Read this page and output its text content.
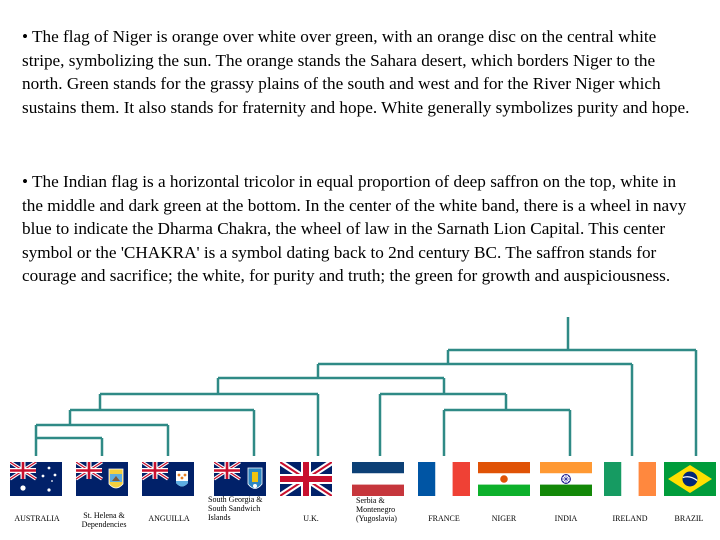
• The flag of Niger is orange over white over green, with an orange disc on the central white stripe, symbolizing the sun. The orange stands the Sahara desert, which borders Niger to the north. Green stands for the grassy plains of the south and west and for the River Niger which sustains them. It also stands for fraternity and hope. White generally symbolizes purity and hope.

• The Indian flag is a horizontal tricolor in equal proportion of deep saffron on the top, white in the middle and dark green at the bottom. In the center of the white band, there is a wheel in navy blue to indicate the Dharma Chakra, the wheel of law in the Sarnath Lion Capital. This center symbol or the 'CHAKRA' is a symbol dating back to 2nd century BC. The saffron stands for courage and sacrifice; the white, for purity and truth; the green for growth and auspiciousness.

AUSTRALIA	St. Helena &
Dependencies
ANGUILLA
South Georgia &
South Sandwich
Islands	U.K.
Serbia &
Montenegro
(Yugoslavia)	FRANCE	NIGER	INDIA	IRELAND	BRAZIL
